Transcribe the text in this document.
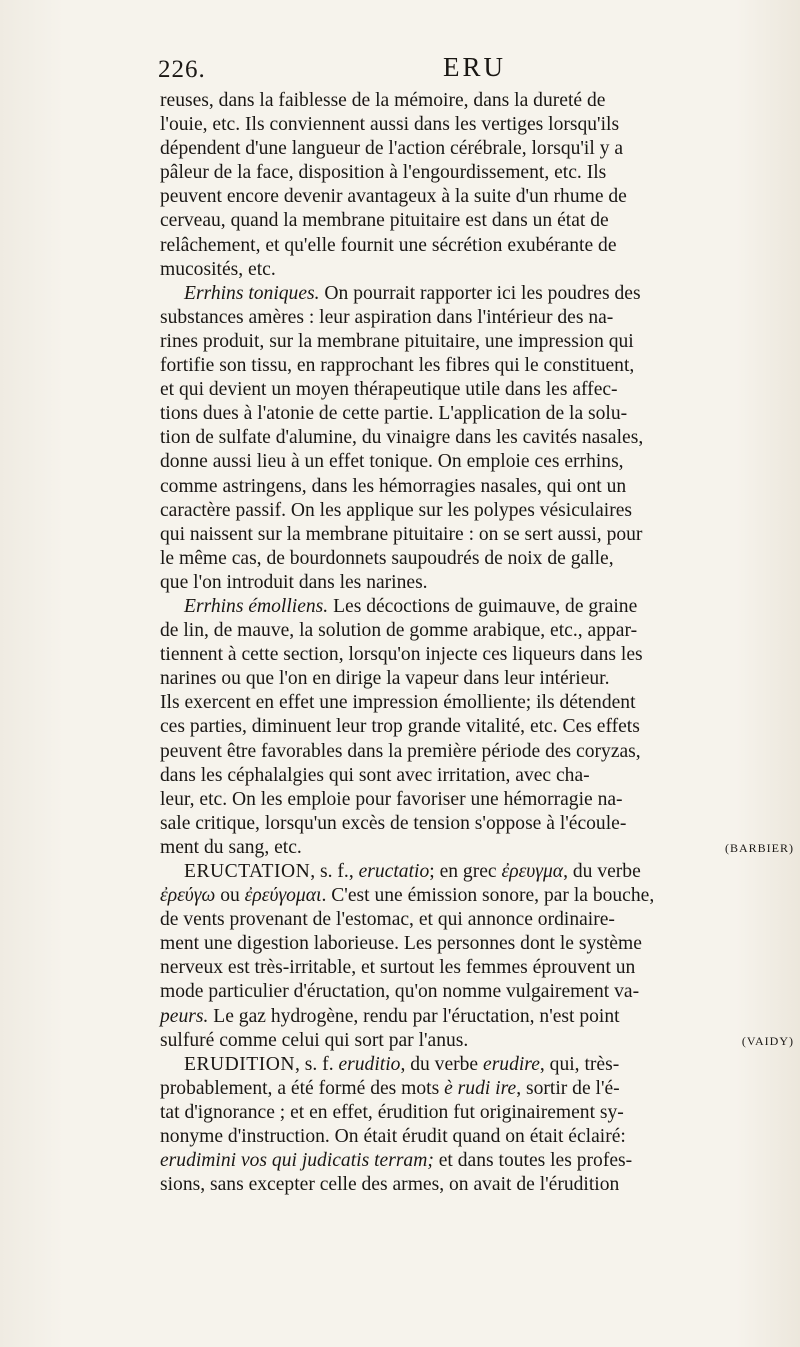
226.	ERU
reuses, dans la faiblesse de la mémoire, dans la dureté de
l'ouie, etc. Ils conviennent aussi dans les vertiges lorsqu'ils
dépendent d'une langueur de l'action cérébrale, lorsqu'il y a
pâleur de la face, disposition à l'engourdissement, etc. Ils
peuvent encore devenir avantageux à la suite d'un rhume de
cerveau, quand la membrane pituitaire est dans un état de
relâchement, et qu'elle fournit une sécrétion exubérante de
mucosités, etc.
Errhins toniques. On pourrait rapporter ici les poudres des
substances amères : leur aspiration dans l'intérieur des na-
rines produit, sur la membrane pituitaire, une impression qui
fortifie son tissu, en rapprochant les fibres qui le constituent,
et qui devient un moyen thérapeutique utile dans les affec-
tions dues à l'atonie de cette partie. L'application de la solu-
tion de sulfate d'alumine, du vinaigre dans les cavités nasales,
donne aussi lieu à un effet tonique. On emploie ces errhins,
comme astringens, dans les hémorragies nasales, qui ont un
caractère passif. On les applique sur les polypes vésiculaires
qui naissent sur la membrane pituitaire : on se sert aussi, pour
le même cas, de bourdonnets saupoudrés de noix de galle,
que l'on introduit dans les narines.
Errhins émolliens. Les décoctions de guimauve, de graine
de lin, de mauve, la solution de gomme arabique, etc., appar-
tiennent à cette section, lorsqu'on injecte ces liqueurs dans les
narines ou que l'on en dirige la vapeur dans leur intérieur.
Ils exercent en effet une impression émolliente; ils détendent
ces parties, diminuent leur trop grande vitalité, etc. Ces effets
peuvent être favorables dans la première période des coryzas,
dans les céphalalgies qui sont avec irritation, avec cha-
leur, etc. On les emploie pour favoriser une hémorragie na-
sale critique, lorsqu'un excès de tension s'oppose à l'écoule-
ment du sang, etc.	(BARBIER)
ERUCTATION, s. f., eructatio; en grec ἐρευγμα, du verbe
ἐρεύγω ou ἐρεύγομαι. C'est une émission sonore, par la bouche,
de vents provenant de l'estomac, et qui annonce ordinaire-
ment une digestion laborieuse. Les personnes dont le système
nerveux est très-irritable, et surtout les femmes éprouvent un
mode particulier d'éructation, qu'on nomme vulgairement va-
peurs. Le gaz hydrogène, rendu par l'éructation, n'est point
sulfuré comme celui qui sort par l'anus.	(VAIDY)
ERUDITION, s. f. eruditio, du verbe erudire, qui, très-
probablement, a été formé des mots è rudi ire, sortir de l'é-
tat d'ignorance ; et en effet, érudition fut originairement sy-
nonyme d'instruction. On était érudit quand on était éclairé:
erudimini vos qui judicatis terram; et dans toutes les profes-
sions, sans excepter celle des armes, on avait de l'érudition
